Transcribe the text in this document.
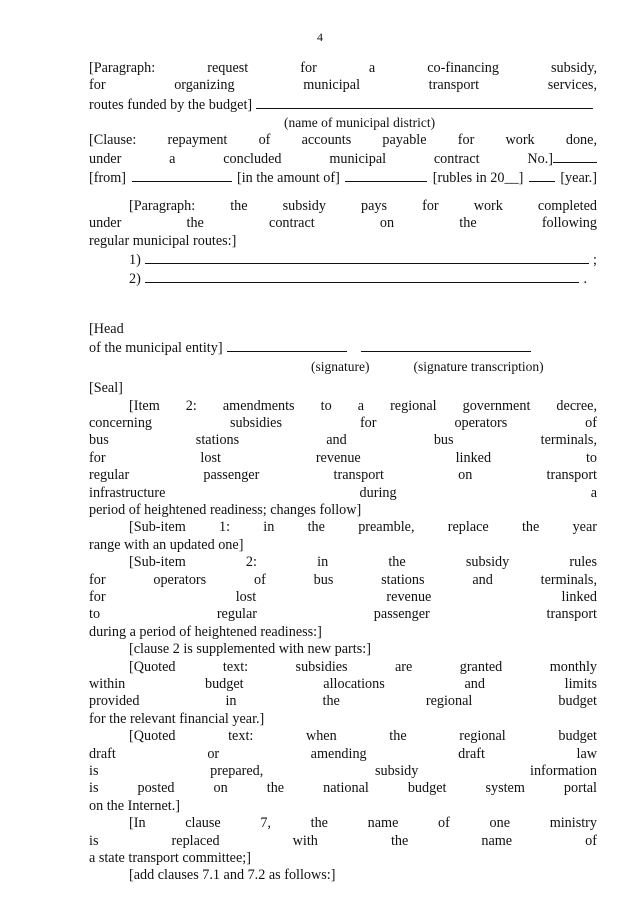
4

[Paragraph: request for a co-financing subsidy,

for organizing municipal transport services,

routes funded by the budget]

(name of municipal district)

[Clause: repayment of accounts payable for work done,

under a concluded municipal contract No.]
[from]	[in the amount of]	[rubles in 20__]	[year.]

[Paragraph: the subsidy pays for work completed

under the contract on the following

regular municipal routes:]

1)	;
2)	.

[Head

of the municipal entity]
(signature)	(signature transcription)

[Seal]

[Item 2: amendments to a regional government decree,

concerning subsidies for operators of

bus stations and bus terminals,

for lost revenue linked to

regular passenger transport on transport

infrastructure during a

period of heightened readiness; changes follow]

[Sub-item 1: in the preamble, replace the year

range with an updated one]

[Sub-item 2: in the subsidy rules

for operators of bus stations and terminals,

for lost revenue linked

to regular passenger transport

during a period of heightened readiness:]

[clause 2 is supplemented with new parts:]

[Quoted text: subsidies are granted monthly

within budget allocations and limits

provided in the regional budget

for the relevant financial year.]

[Quoted text: when the regional budget

draft or amending draft law

is prepared, subsidy information

is posted on the national budget system portal

on the Internet.]

[In clause 7, the name of one ministry

is replaced with the name of

a state transport committee;]

[add clauses 7.1 and 7.2 as follows:]
